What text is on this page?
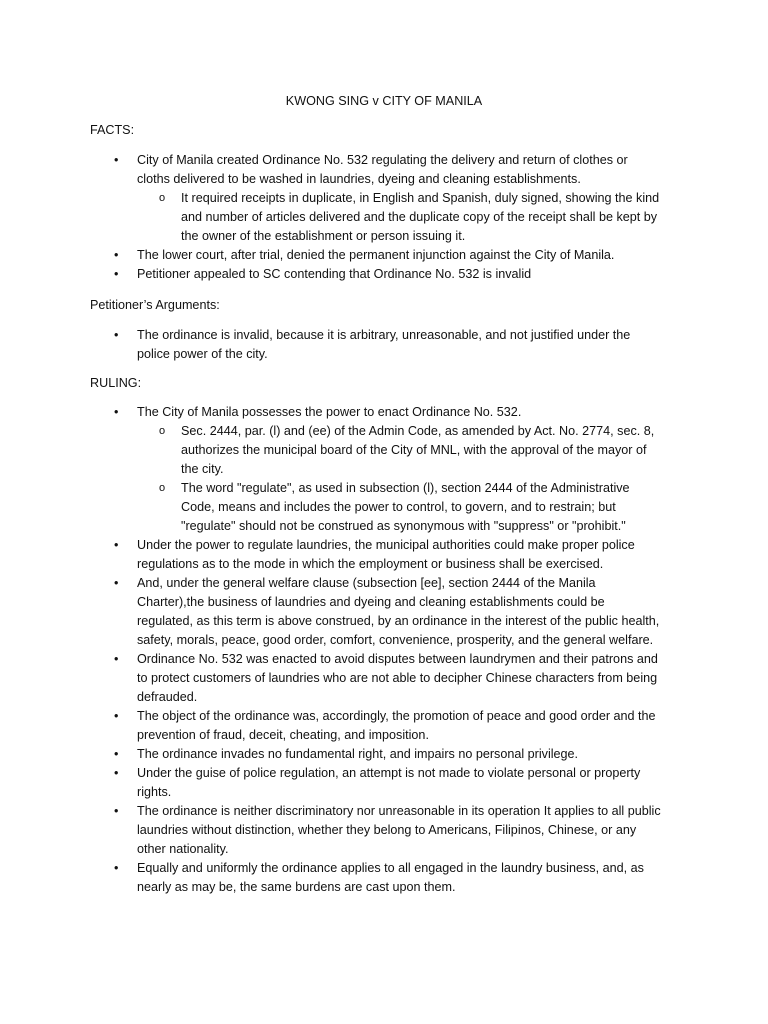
KWONG SING v CITY OF MANILA
FACTS:
• City of Manila created Ordinance No. 532 regulating the delivery and return of clothes or cloths delivered to be washed in laundries, dyeing and cleaning establishments.
o It required receipts in duplicate, in English and Spanish, duly signed, showing the kind and number of articles delivered and the duplicate copy of the receipt shall be kept by the owner of the establishment or person issuing it.
• The lower court, after trial, denied the permanent injunction against the City of Manila.
• Petitioner appealed to SC contending that Ordinance No. 532 is invalid
Petitioner’s Arguments:
• The ordinance is invalid, because it is arbitrary, unreasonable, and not justified under the police power of the city.
RULING:
• The City of Manila possesses the power to enact Ordinance No. 532.
o Sec. 2444, par. (l) and (ee) of the Admin Code, as amended by Act. No. 2774, sec. 8, authorizes the municipal board of the City of MNL, with the approval of the mayor of the city.
o The word "regulate", as used in subsection (l), section 2444 of the Administrative Code, means and includes the power to control, to govern, and to restrain; but "regulate" should not be construed as synonymous with "suppress" or "prohibit."
• Under the power to regulate laundries, the municipal authorities could make proper police regulations as to the mode in which the employment or business shall be exercised.
• And, under the general welfare clause (subsection [ee], section 2444 of the Manila Charter),the business of laundries and dyeing and cleaning establishments could be regulated, as this term is above construed, by an ordinance in the interest of the public health, safety, morals, peace, good order, comfort, convenience, prosperity, and the general welfare.
• Ordinance No. 532 was enacted to avoid disputes between laundrymen and their patrons and to protect customers of laundries who are not able to decipher Chinese characters from being defrauded.
• The object of the ordinance was, accordingly, the promotion of peace and good order and the prevention of fraud, deceit, cheating, and imposition.
• The ordinance invades no fundamental right, and impairs no personal privilege.
• Under the guise of police regulation, an attempt is not made to violate personal or property rights.
• The ordinance is neither discriminatory nor unreasonable in its operation It applies to all public laundries without distinction, whether they belong to Americans, Filipinos, Chinese, or any other nationality.
• Equally and uniformly the ordinance applies to all engaged in the laundry business, and, as nearly as may be, the same burdens are cast upon them.
